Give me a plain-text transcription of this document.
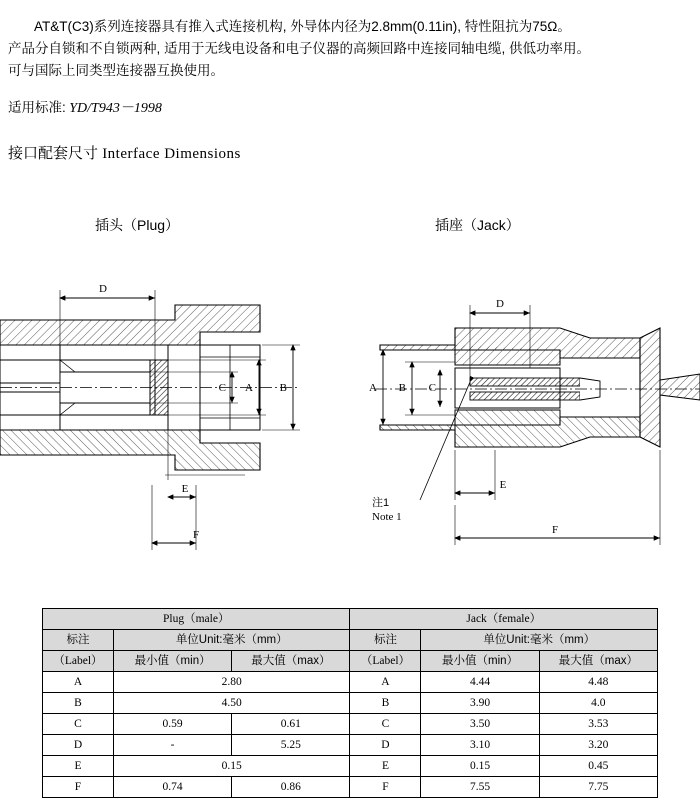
AT&T(C3)系列连接器具有推入式连接机构, 外导体内径为2.8mm(0.11in), 特性阻抗为75Ω。

产品分自锁和不自锁两种, 适用于无线电设备和电子仪器的高频回路中连接同轴电缆, 供低功率用。

可与国际上同类型连接器互换使用。

适用标准: YD/T943－1998
接口配套尺寸 Interface Dimensions
插头（Plug）	插座（Jack）
D
C A B
E
F
D
A B C
E
F
注1
Note 1
Plug（male）			Jack（female）		
标注	单位Unit:毫米（mm）		标注	单位Unit:毫米（mm）	
（Label）	最小值（min）	最大值（max）	（Label）	最小值（min）	最大值（max）
A	2.80		A	4.44	4.48
B	4.50		B	3.90	4.0
C	0.59	0.61	C	3.50	3.53
D	-	5.25	D	3.10	3.20
E	0.15		E	0.15	0.45
F	0.74	0.86	F	7.55	7.75
